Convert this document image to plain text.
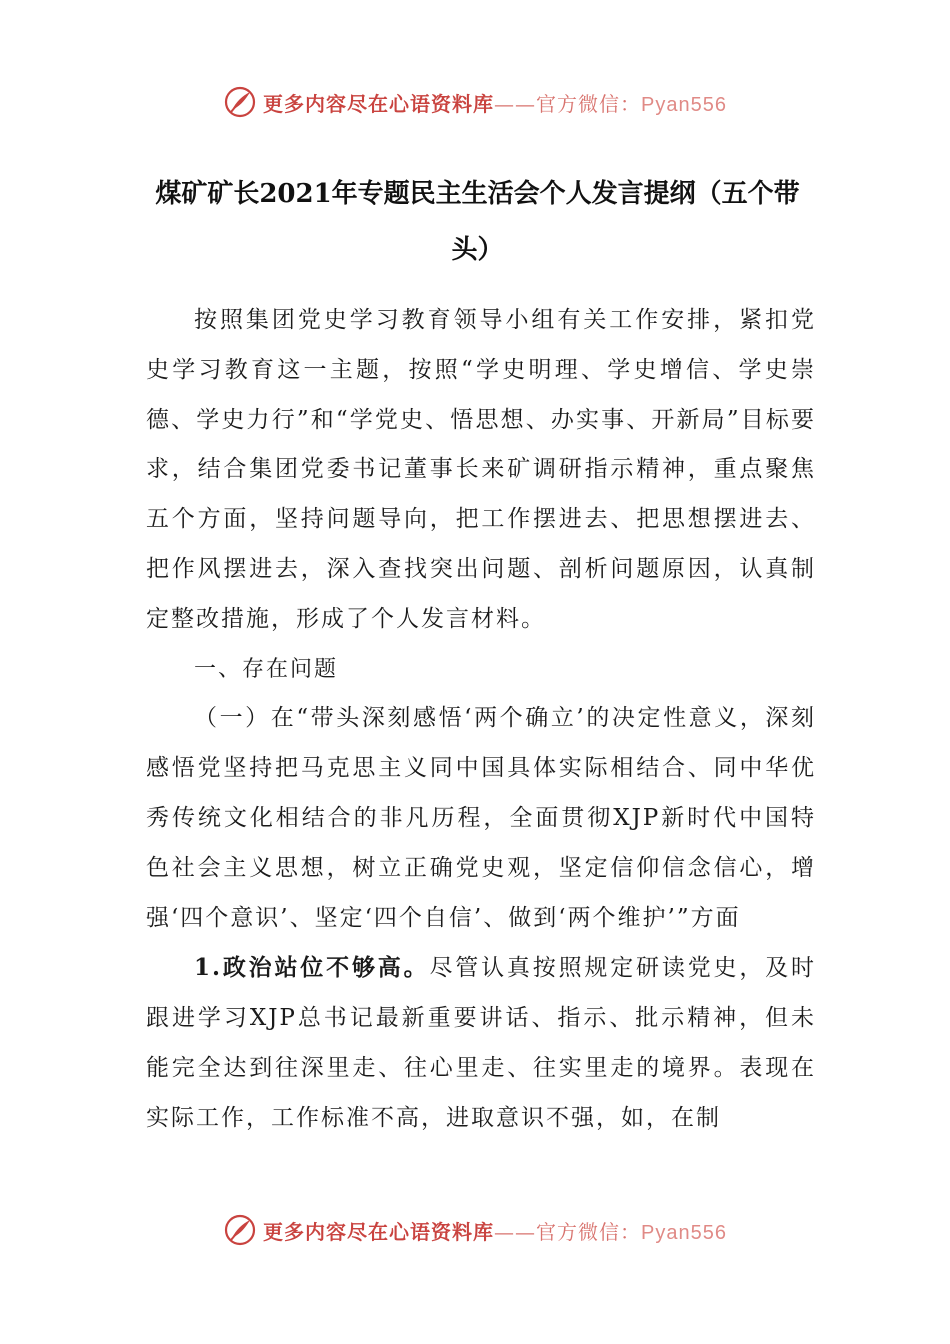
更多内容尽在心语资料库——官方微信：Pyan556
煤矿矿长2021年专题民主生活会个人发言提纲（五个带头）

按照集团党史学习教育领导小组有关工作安排，紧扣党史学习教育这一主题，按照“学史明理、学史增信、学史崇德、学史力行”和“学党史、悟思想、办实事、开新局”目标要求，结合集团党委书记董事长来矿调研指示精神，重点聚焦五个方面，坚持问题导向，把工作摆进去、把思想摆进去、把作风摆进去，深入查找突出问题、剖析问题原因，认真制定整改措施，形成了个人发言材料。

一、存在问题

（一）在“带头深刻感悟‘两个确立’的决定性意义，深刻感悟党坚持把马克思主义同中国具体实际相结合、同中华优秀传统文化相结合的非凡历程，全面贯彻XJP新时代中国特色社会主义思想，树立正确党史观，坚定信仰信念信心，增强‘四个意识’、坚定‘四个自信’、做到‘两个维护’”方面

1.政治站位不够高。尽管认真按照规定研读党史，及时跟进学习XJP总书记最新重要讲话、指示、批示精神，但未能完全达到往深里走、往心里走、往实里走的境界。表现在实际工作，工作标准不高，进取意识不强，如，在制

更多内容尽在心语资料库——官方微信：Pyan556
